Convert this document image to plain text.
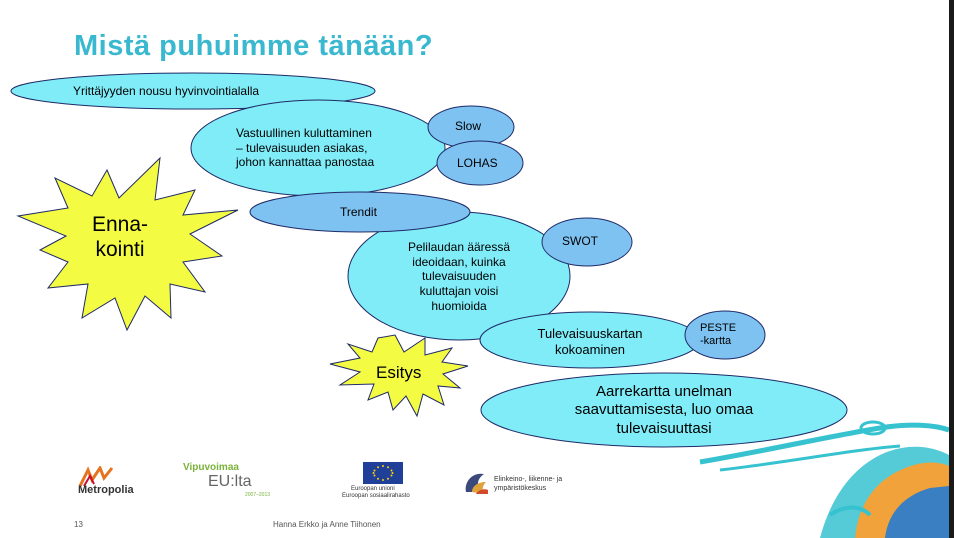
Mistä puhuimme tänään?
Yrittäjyyden nousu hyvinvointialalla
Vastuullinen kuluttaminen
– tulevaisuuden asiakas,
johon kannattaa panostaa
Slow
LOHAS
Trendit
Pelilaudan ääressä
ideoidaan, kuinka
tulevaisuuden
kuluttajan voisi
huomioida
SWOT
Tulevaisuuskartan
kokoaminen
PESTE
-kartta
Aarrekartta unelman
saavuttamisesta, luo omaa
tulevaisuuttasi
Enna-
kointi
Esitys
Metropolia
Vipuvoimaa
EU:lta
2007–2013
Euroopan unioni
Euroopan sosiaalirahasto
Elinkeino-, liikenne- ja
ympäristökeskus
13	Hanna Erkko ja Anne Tiihonen
